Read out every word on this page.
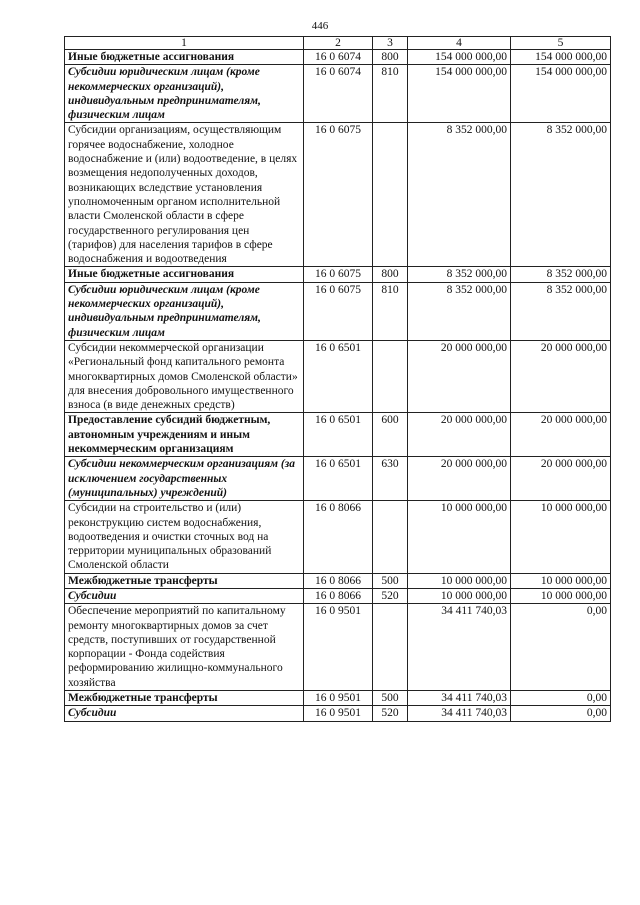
446
1	2	3	4	5
Иные бюджетные ассигнования	16 0 6074	800	154 000 000,00	154 000 000,00
Субсидии юридическим лицам (кроме некоммерческих организаций), индивидуальным предпринимателям, физическим лицам	16 0 6074	810	154 000 000,00	154 000 000,00
Субсидии организациям, осуществляющим горячее водоснабжение, холодное водоснабжение и (или) водоотведение, в целях возмещения недополученных доходов, возникающих вследствие установления уполномоченным органом исполнительной власти Смоленской области в сфере государственного регулирования цен (тарифов) для населения тарифов в сфере водоснабжения и водоотведения	16 0 6075		8 352 000,00	8 352 000,00
Иные бюджетные ассигнования	16 0 6075	800	8 352 000,00	8 352 000,00
Субсидии юридическим лицам (кроме некоммерческих организаций), индивидуальным предпринимателям, физическим лицам	16 0 6075	810	8 352 000,00	8 352 000,00
Субсидии некоммерческой организации «Региональный фонд капитального ремонта многоквартирных домов Смоленской области» для внесения добровольного имущественного взноса (в виде денежных средств)	16 0 6501		20 000 000,00	20 000 000,00
Предоставление субсидий бюджетным, автономным учреждениям и иным некоммерческим организациям	16 0 6501	600	20 000 000,00	20 000 000,00
Субсидии некоммерческим организациям (за исключением государственных (муниципальных) учреждений)	16 0 6501	630	20 000 000,00	20 000 000,00
Субсидии на строительство и (или) реконструкцию систем водоснабжения, водоотведения и очистки сточных вод на территории муниципальных образований Смоленской области	16 0 8066		10 000 000,00	10 000 000,00
Межбюджетные трансферты	16 0 8066	500	10 000 000,00	10 000 000,00
Субсидии	16 0 8066	520	10 000 000,00	10 000 000,00
Обеспечение мероприятий по капитальному ремонту многоквартирных домов за счет средств, поступивших от государственной корпорации - Фонда содействия реформированию жилищно-коммунального хозяйства	16 0 9501		34 411 740,03	0,00
Межбюджетные трансферты	16 0 9501	500	34 411 740,03	0,00
Субсидии	16 0 9501	520	34 411 740,03	0,00
